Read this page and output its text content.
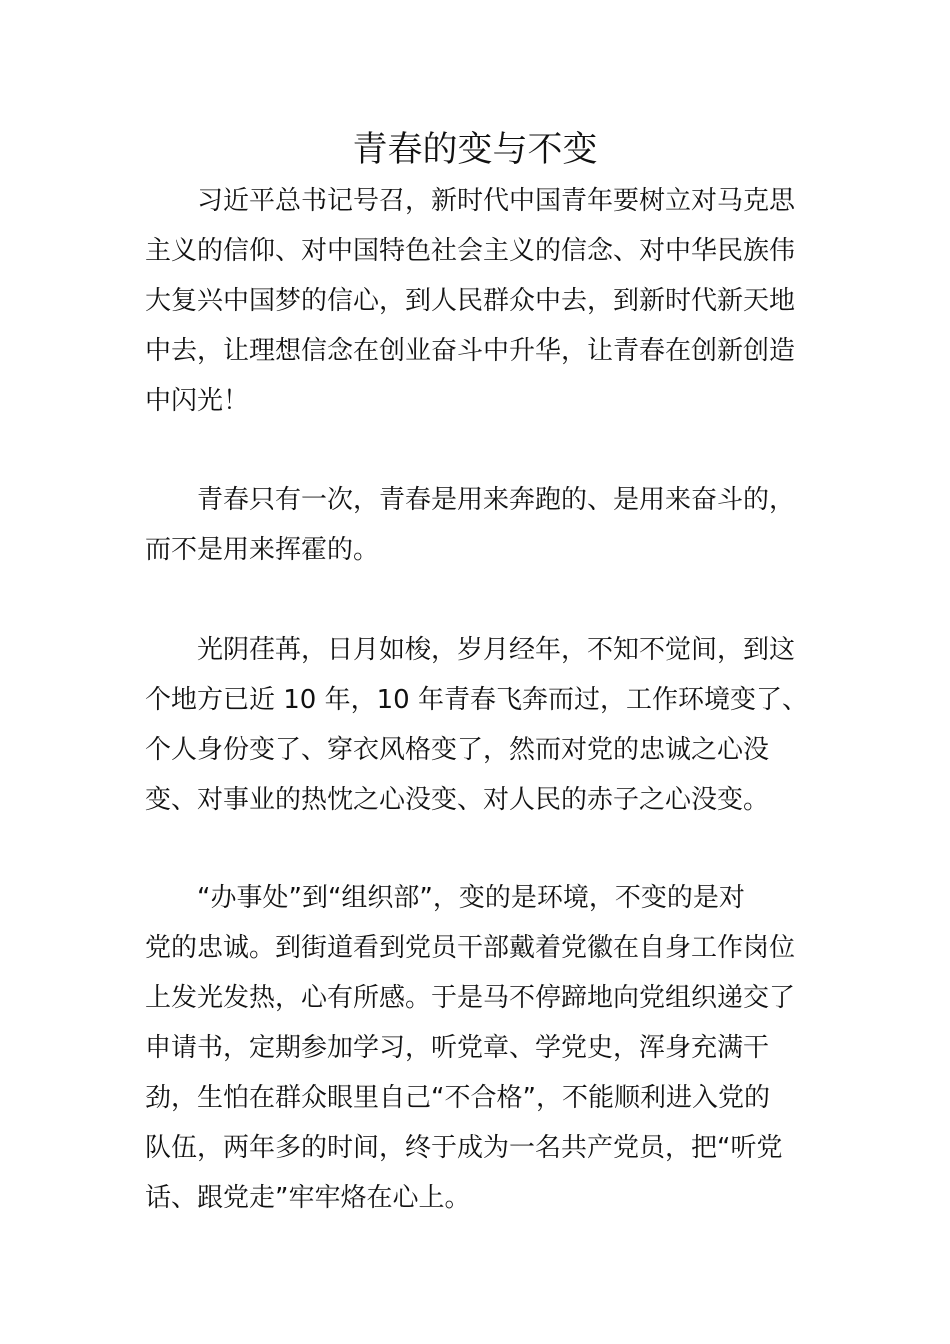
青春的变与不变
习近平总书记号召，新时代中国青年要树立对马克思
主义的信仰、对中国特色社会主义的信念、对中华民族伟
大复兴中国梦的信心，到人民群众中去，到新时代新天地
中去，让理想信念在创业奋斗中升华，让青春在创新创造
中闪光！
青春只有一次，青春是用来奔跑的、是用来奋斗的，
而不是用来挥霍的。
光阴荏苒，日月如梭，岁月经年，不知不觉间，到这
个地方已近 10 年，10 年青春飞奔而过，工作环境变了、
个人身份变了、穿衣风格变了，然而对党的忠诚之心没
变、对事业的热忱之心没变、对人民的赤子之心没变。
“办事处”到“组织部”，变的是环境，不变的是对
党的忠诚。到街道看到党员干部戴着党徽在自身工作岗位
上发光发热，心有所感。于是马不停蹄地向党组织递交了
申请书，定期参加学习，听党章、学党史，浑身充满干
劲，生怕在群众眼里自己“不合格”，不能顺利进入党的
队伍，两年多的时间，终于成为一名共产党员，把“听党
话、跟党走”牢牢烙在心上。
